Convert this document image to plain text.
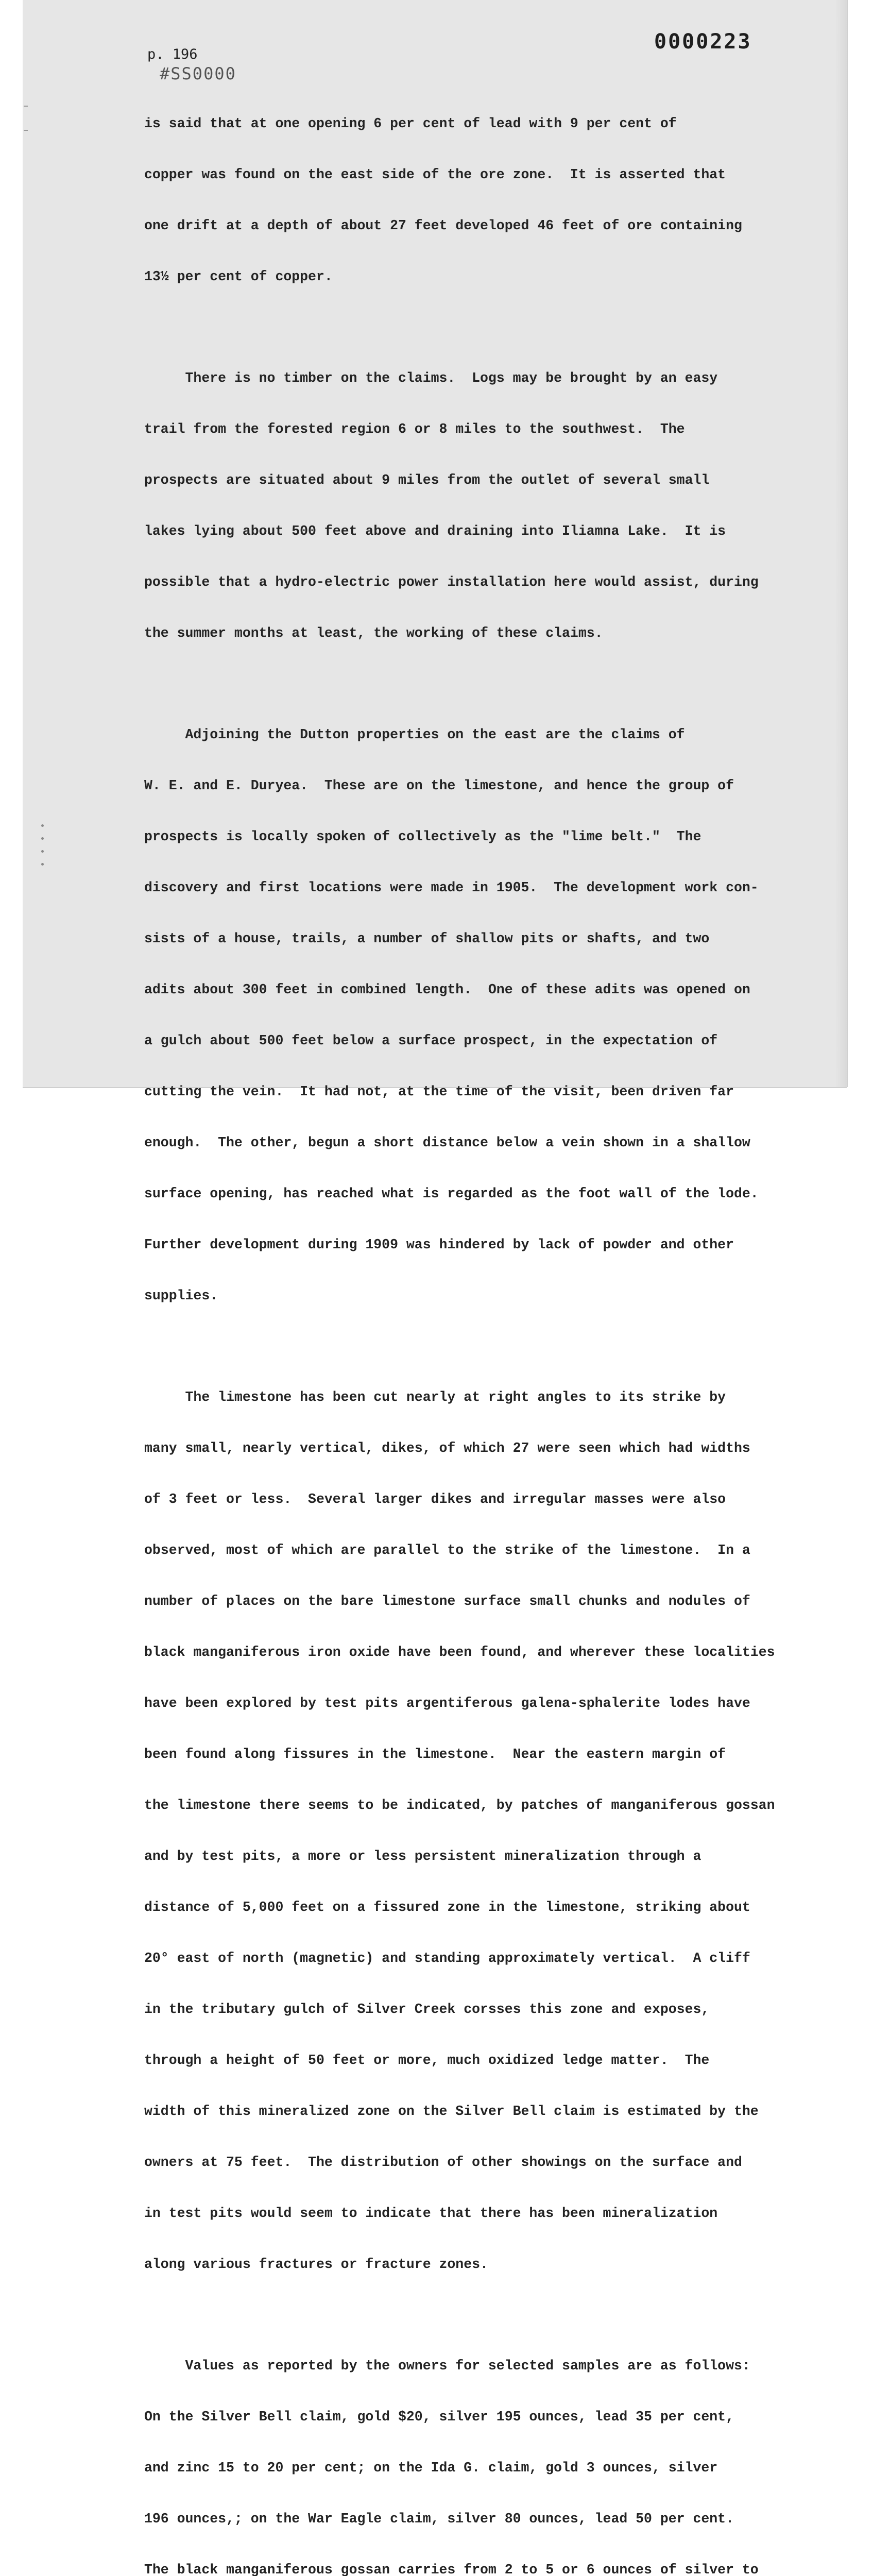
p. 196
0000223
#SS0000

is said that at one opening 6 per cent of lead with 9 per cent of

copper was found on the east side of the ore zone.  It is asserted that

one drift at a depth of about 27 feet developed 46 feet of ore containing

13½ per cent of copper.

There is no timber on the claims.  Logs may be brought by an easy

trail from the forested region 6 or 8 miles to the southwest.  The

prospects are situated about 9 miles from the outlet of several small

lakes lying about 500 feet above and draining into Iliamna Lake.  It is

possible that a hydro-electric power installation here would assist, during

the summer months at least, the working of these claims.

Adjoining the Dutton properties on the east are the claims of

W. E. and E. Duryea.  These are on the limestone, and hence the group of

prospects is locally spoken of collectively as the "lime belt."  The

discovery and first locations were made in 1905.  The development work con-

sists of a house, trails, a number of shallow pits or shafts, and two

adits about 300 feet in combined length.  One of these adits was opened on

a gulch about 500 feet below a surface prospect, in the expectation of

cutting the vein.  It had not, at the time of the visit, been driven far

enough.  The other, begun a short distance below a vein shown in a shallow

surface opening, has reached what is regarded as the foot wall of the lode.

Further development during 1909 was hindered by lack of powder and other

supplies.

The limestone has been cut nearly at right angles to its strike by

many small, nearly vertical, dikes, of which 27 were seen which had widths

of 3 feet or less.  Several larger dikes and irregular masses were also

observed, most of which are parallel to the strike of the limestone.  In a

number of places on the bare limestone surface small chunks and nodules of

black manganiferous iron oxide have been found, and wherever these localities

have been explored by test pits argentiferous galena-sphalerite lodes have

been found along fissures in the limestone.  Near the eastern margin of

the limestone there seems to be indicated, by patches of manganiferous gossan

and by test pits, a more or less persistent mineralization through a

distance of 5,000 feet on a fissured zone in the limestone, striking about

20° east of north (magnetic) and standing approximately vertical.  A cliff

in the tributary gulch of Silver Creek corsses this zone and exposes,

through a height of 50 feet or more, much oxidized ledge matter.  The

width of this mineralized zone on the Silver Bell claim is estimated by the

owners at 75 feet.  The distribution of other showings on the surface and

in test pits would seem to indicate that there has been mineralization

along various fractures or fracture zones.

Values as reported by the owners for selected samples are as follows:

On the Silver Bell claim, gold $20, silver 195 ounces, lead 35 per cent,

and zinc 15 to 20 per cent; on the Ida G. claim, gold 3 ounces, silver

196 ounces,; on the War Eagle claim, silver 80 ounces, lead 50 per cent.

The black manganiferous gossan carries from 2 to 5 or 6 ounces of silver to
